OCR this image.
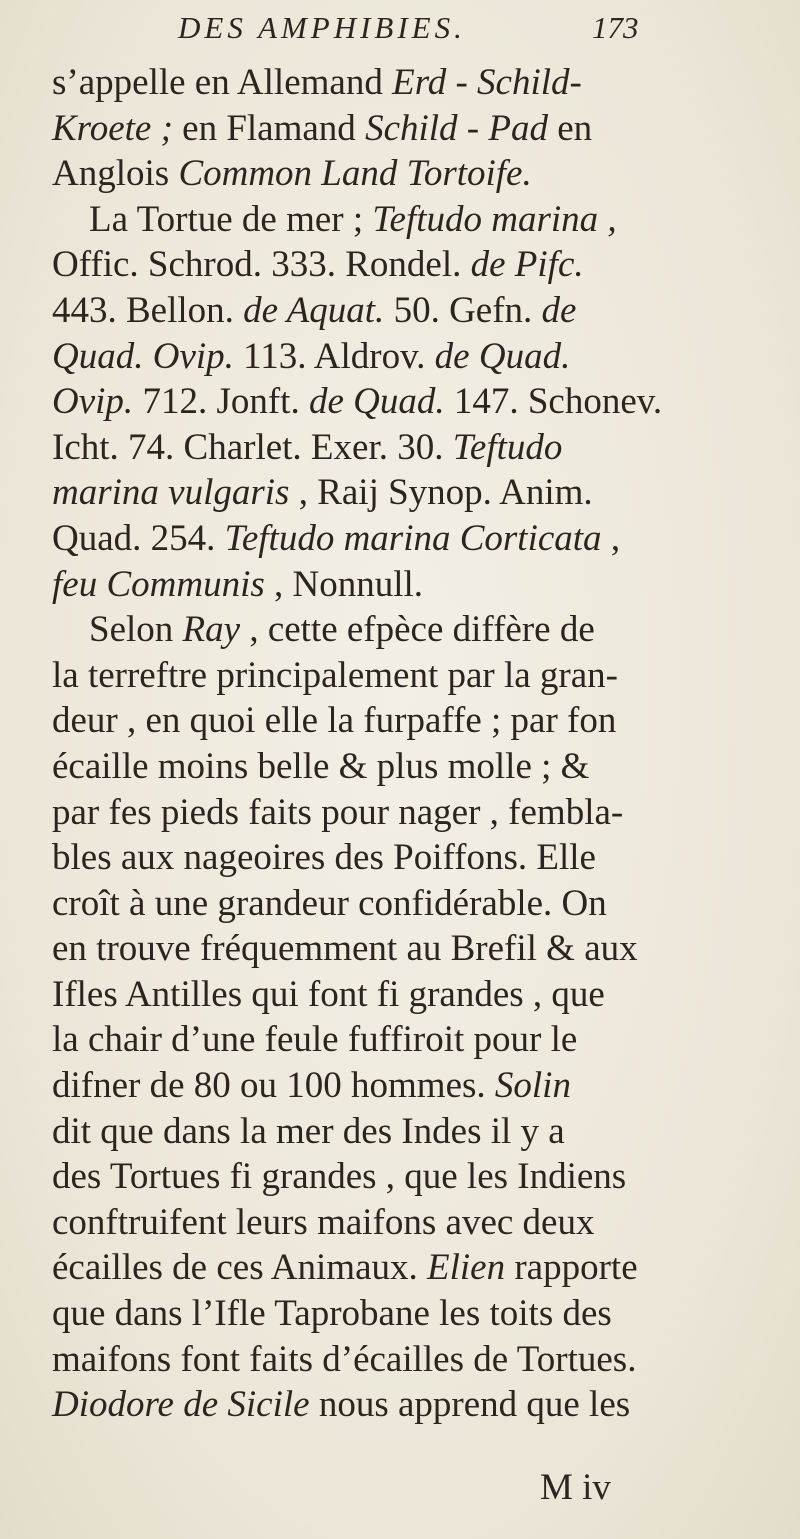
DES AMPHIBIES.	173
s’appelle en Allemand Erd - Schild-
Kroete ; en Flamand Schild - Pad en
Anglois Common Land Tortoife.
La Tortue de mer ; Teftudo marina ,
Offic. Schrod. 333. Rondel. de Pifc.
443. Bellon. de Aquat. 50. Gefn. de
Quad. Ovip. 113. Aldrov. de Quad.
Ovip. 712. Jonft. de Quad. 147. Schonev.
Icht. 74. Charlet. Exer. 30. Teftudo
marina vulgaris , Raij Synop. Anim.
Quad. 254. Teftudo marina Corticata ,
feu Communis , Nonnull.
Selon Ray , cette efpèce diffère de
la terreftre principalement par la gran-
deur , en quoi elle la furpaffe ; par fon
écaille moins belle & plus molle ; &
par fes pieds faits pour nager , fembla-
bles aux nageoires des Poiffons. Elle
croît à une grandeur confidérable. On
en trouve fréquemment au Brefil & aux
Ifles Antilles qui font fi grandes , que
la chair d’une feule fuffiroit pour le
difner de 80 ou 100 hommes. Solin
dit que dans la mer des Indes il y a
des Tortues fi grandes , que les Indiens
conftruifent leurs maifons avec deux
écailles de ces Animaux. Elien rapporte
que dans l’Ifle Taprobane les toits des
maifons font faits d’écailles de Tortues.
Diodore de Sicile nous apprend que les
M iv
